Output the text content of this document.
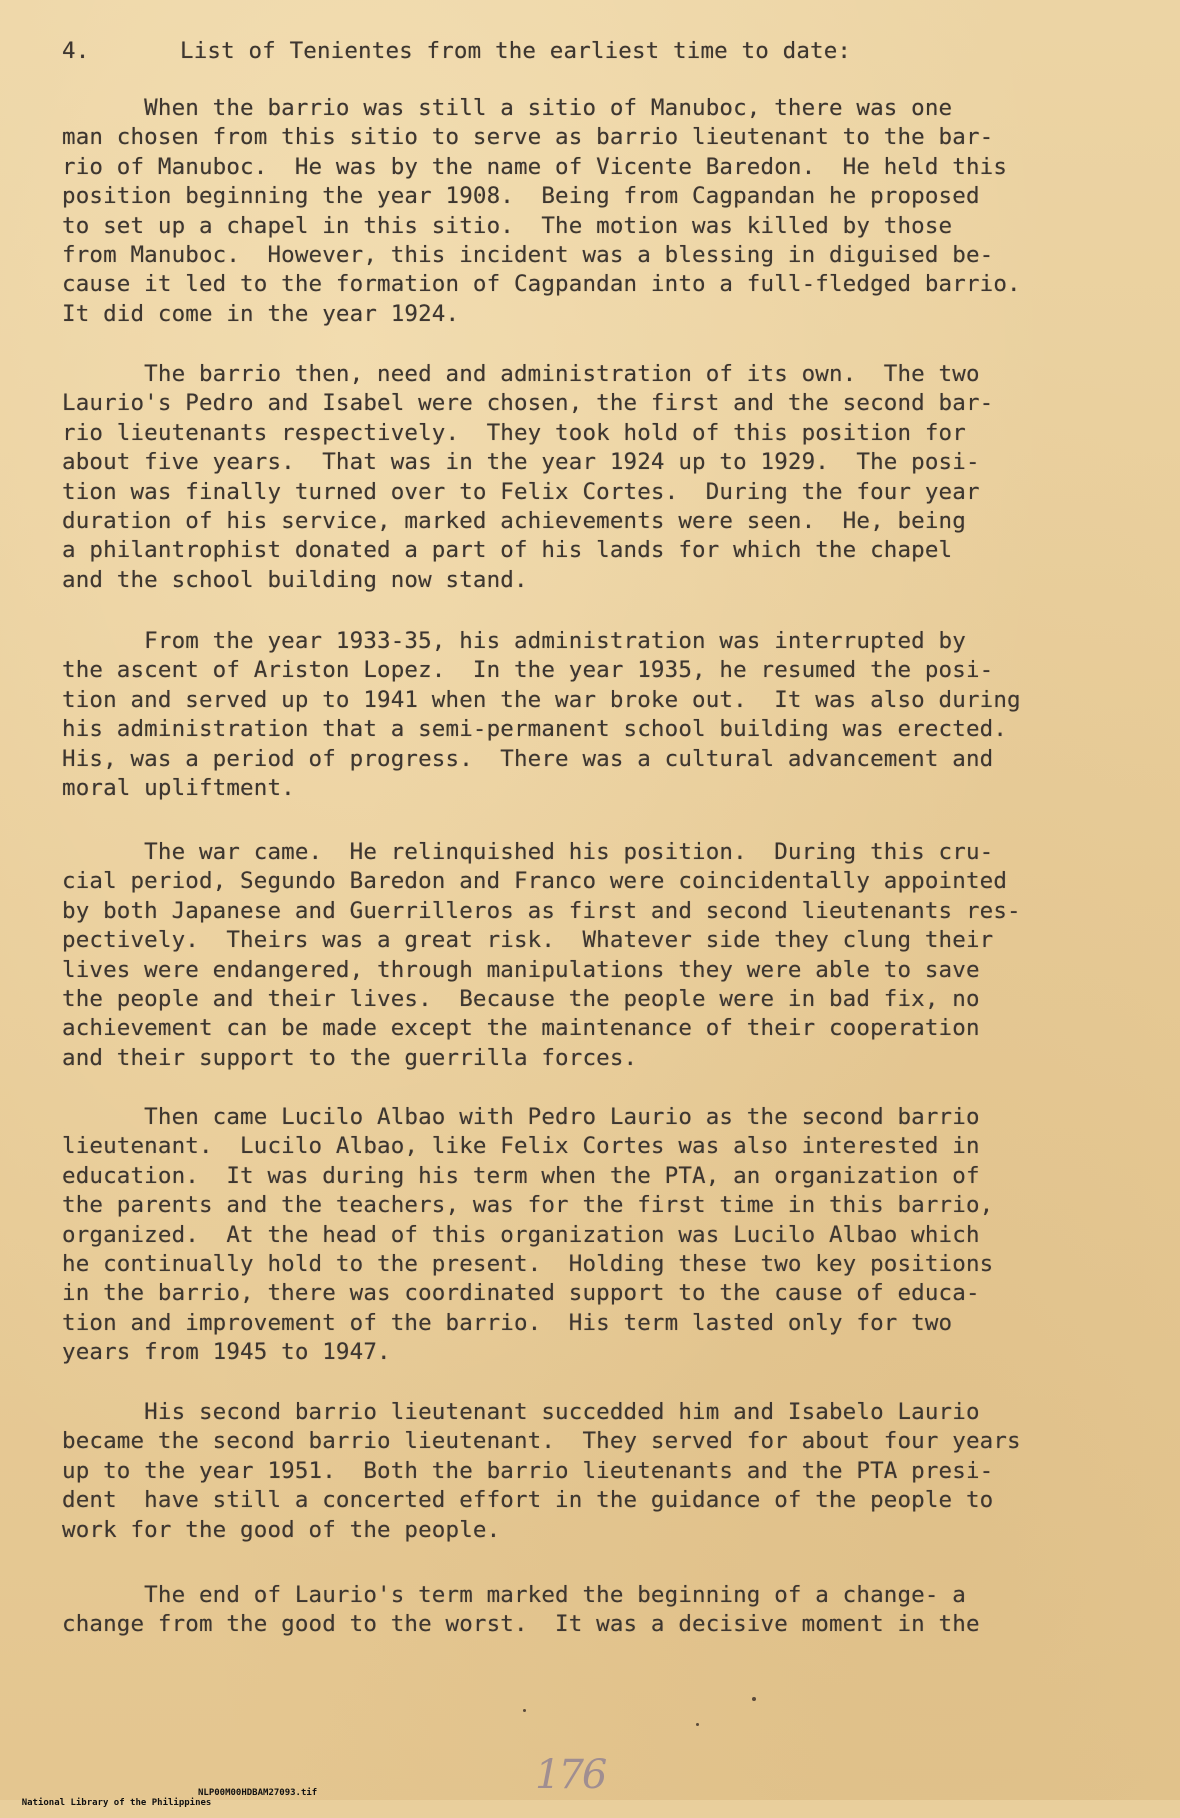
4.	List of Tenientes from the earliest time to date:
When the barrio was still a sitio of Manuboc, there was one
man chosen from this sitio to serve as barrio lieutenant to the bar-
rio of Manuboc.  He was by the name of Vicente Baredon.  He held this
position beginning the year 1908.  Being from Cagpandan he proposed
to set up a chapel in this sitio.  The motion was killed by those
from Manuboc.  However, this incident was a blessing in diguised be-
cause it led to the formation of Cagpandan into a full-fledged barrio.
It did come in the year 1924.
The barrio then, need and administration of its own.  The two
Laurio's Pedro and Isabel were chosen, the first and the second bar-
rio lieutenants respectively.  They took hold of this position for
about five years.  That was in the year 1924 up to 1929.  The posi-
tion was finally turned over to Felix Cortes.  During the four year
duration of his service, marked achievements were seen.  He, being
a philantrophist donated a part of his lands for which the chapel
and the school building now stand.
From the year 1933-35, his administration was interrupted by
the ascent of Ariston Lopez.  In the year 1935, he resumed the posi-
tion and served up to 1941 when the war broke out.  It was also during
his administration that a semi-permanent school building was erected.
His, was a period of progress.  There was a cultural advancement and
moral upliftment.
The war came.  He relinquished his position.  During this cru-
cial period, Segundo Baredon and Franco were coincidentally appointed
by both Japanese and Guerrilleros as first and second lieutenants res-
pectively.  Theirs was a great risk.  Whatever side they clung their
lives were endangered, through manipulations they were able to save
the people and their lives.  Because the people were in bad fix, no
achievement can be made except the maintenance of their cooperation
and their support to the guerrilla forces.
Then came Lucilo Albao with Pedro Laurio as the second barrio
lieutenant.  Lucilo Albao, like Felix Cortes was also interested in
education.  It was during his term when the PTA, an organization of
the parents and the teachers, was for the first time in this barrio,
organized.  At the head of this organization was Lucilo Albao which
he continually hold to the present.  Holding these two key positions
in the barrio, there was coordinated support to the cause of educa-
tion and improvement of the barrio.  His term lasted only for two
years from 1945 to 1947.
His second barrio lieutenant succedded him and Isabelo Laurio
became the second barrio lieutenant.  They served for about four years
up to the year 1951.  Both the barrio lieutenants and the PTA presi-
dent  have still a concerted effort in the guidance of the people to
work for the good of the people.
The end of Laurio's term marked the beginning of a change- a
change from the good to the worst.  It was a decisive moment in the
176

National Library of the Philippines
NLP00M00HDBAM27093.tif
